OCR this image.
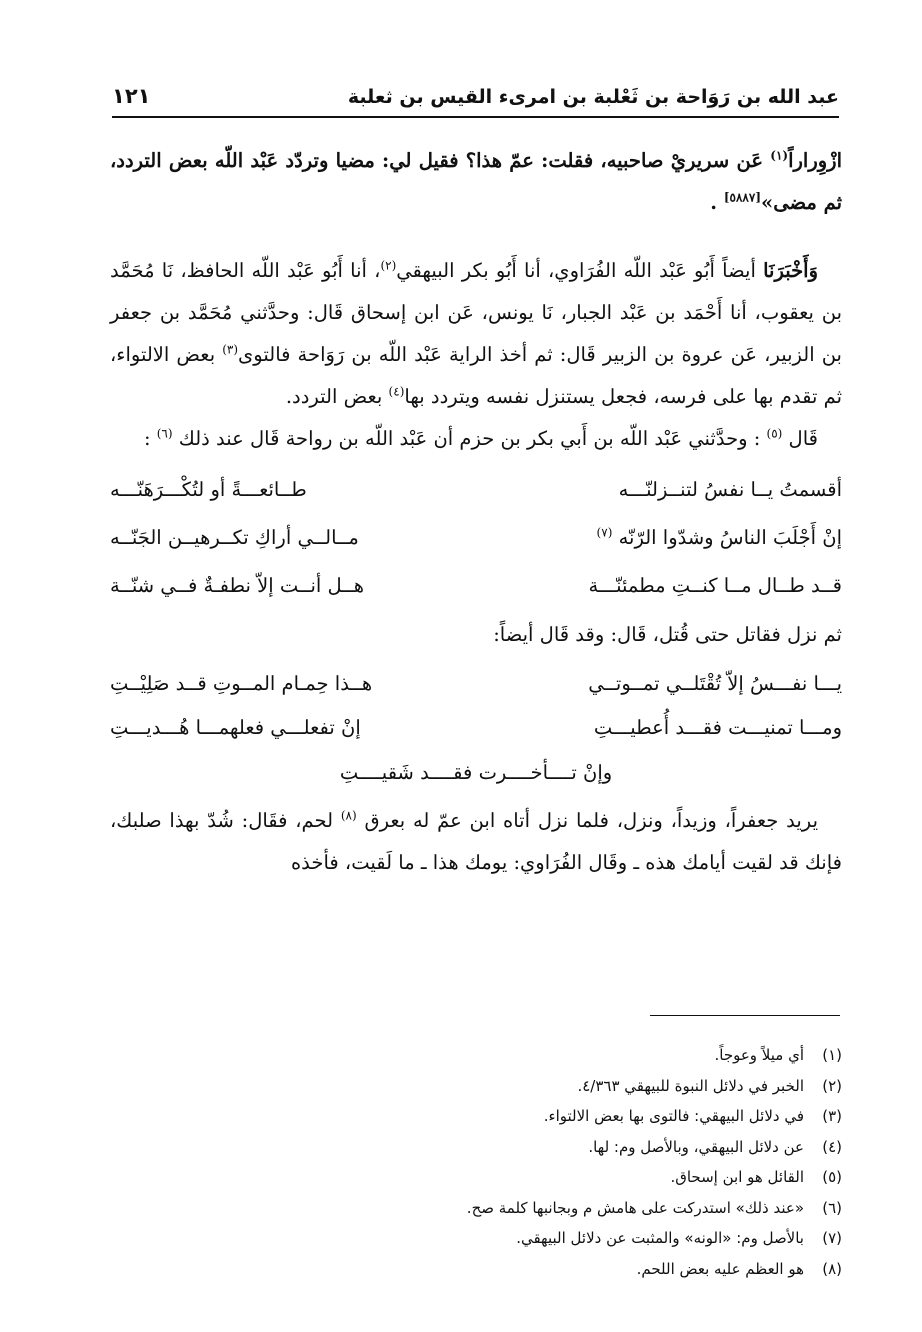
عبد الله بن رَوَاحة بن ثَعْلبة بن امرىء القيس بن ثعلبة
١٢١

ازْوِراراً$^{(١)}$ عَن سريريْ صاحبيه، فقلت: عمّ هذا؟ فقيل لي: مضيا وتردّد عَبْد اللّه بعض التردد، ثم مضى»[٥٨٨٧] .

وَأَخْبَرَنَا أيضاً أَبُو عَبْد اللّه الفُرَاوي، أنا أَبُو بكر البيهقي$^{(٢)}$، أنا أَبُو عَبْد اللّه الحافظ، نَا مُحَمَّد بن يعقوب، أنا أَحْمَد بن عَبْد الجبار، نَا يونس، عَن ابن إسحاق قَال: وحدَّثني مُحَمَّد بن جعفر بن الزبير، عَن عروة بن الزبير قَال: ثم أخذ الراية عَبْد اللّه بن رَوَاحة فالتوى$^{(٣)}$ بعض الالتواء، ثم تقدم بها على فرسه، فجعل يستنزل نفسه ويتردد بها$^{(٤)}$ بعض التردد.

قَال $^{(٥)}$ : وحدَّثني عَبْد اللّه بن أَبي بكر بن حزم أن عَبْد اللّه بن رواحة قَال عند ذلك $^{(٦)}$ :

أقسمتُ يــا نفسُ لتنــزلنّـــه
طــائعـــةً أو لتُكْـــرَهَنّـــه
إنْ أَجْلَبَ الناسُ وشدّوا الرّنّه $^{(٧)}$
مــالــي أراكِ تكــرهيــن الجَنّــه
قــد طــال مــا كنــتِ مطمئنّـــة
هــل أنــت إلاّ نطفـةٌ فــي شنّــة

ثم نزل فقاتل حتى قُتل، قَال: وقد قَال أيضاً:

يـــا نفـــسُ إلاّ تُقْتَلــي تمــوتــي
هــذا حِمـام المــوتِ قــد صَلِيْــتِ
ومـــا تمنيـــت فقـــد أُعطيـــتِ
إنْ تفعلـــي فعلهمـــا هُـــديـــتِ
وإنْ تــــأخــــرت فقــــد شَقيــــتِ

يريد جعفراً، وزيداً، ونزل، فلما نزل أتاه ابن عمّ له بعرق $^{(٨)}$ لحم، فقَال: شُدّ بهذا صلبك، فإنك قد لقيت أيامك هذه ـ وقَال الفُرَاوي: يومك هذا ـ ما لَقيت، فأخذه

(١)
أي ميلاً وعوجاً.
(٢)
الخبر في دلائل النبوة للبيهقي ٤/٣٦٣.
(٣)
في دلائل البيهقي: فالتوى بها بعض الالتواء.
(٤)
عن دلائل البيهقي، وبالأصل وم: لها.
(٥)
القائل هو ابن إسحاق.
(٦)
«عند ذلك» استدركت على هامش م وبجانبها كلمة صح.
(٧)
بالأصل وم: «الونه» والمثبت عن دلائل البيهقي.
(٨)
هو العظم عليه بعض اللحم.
